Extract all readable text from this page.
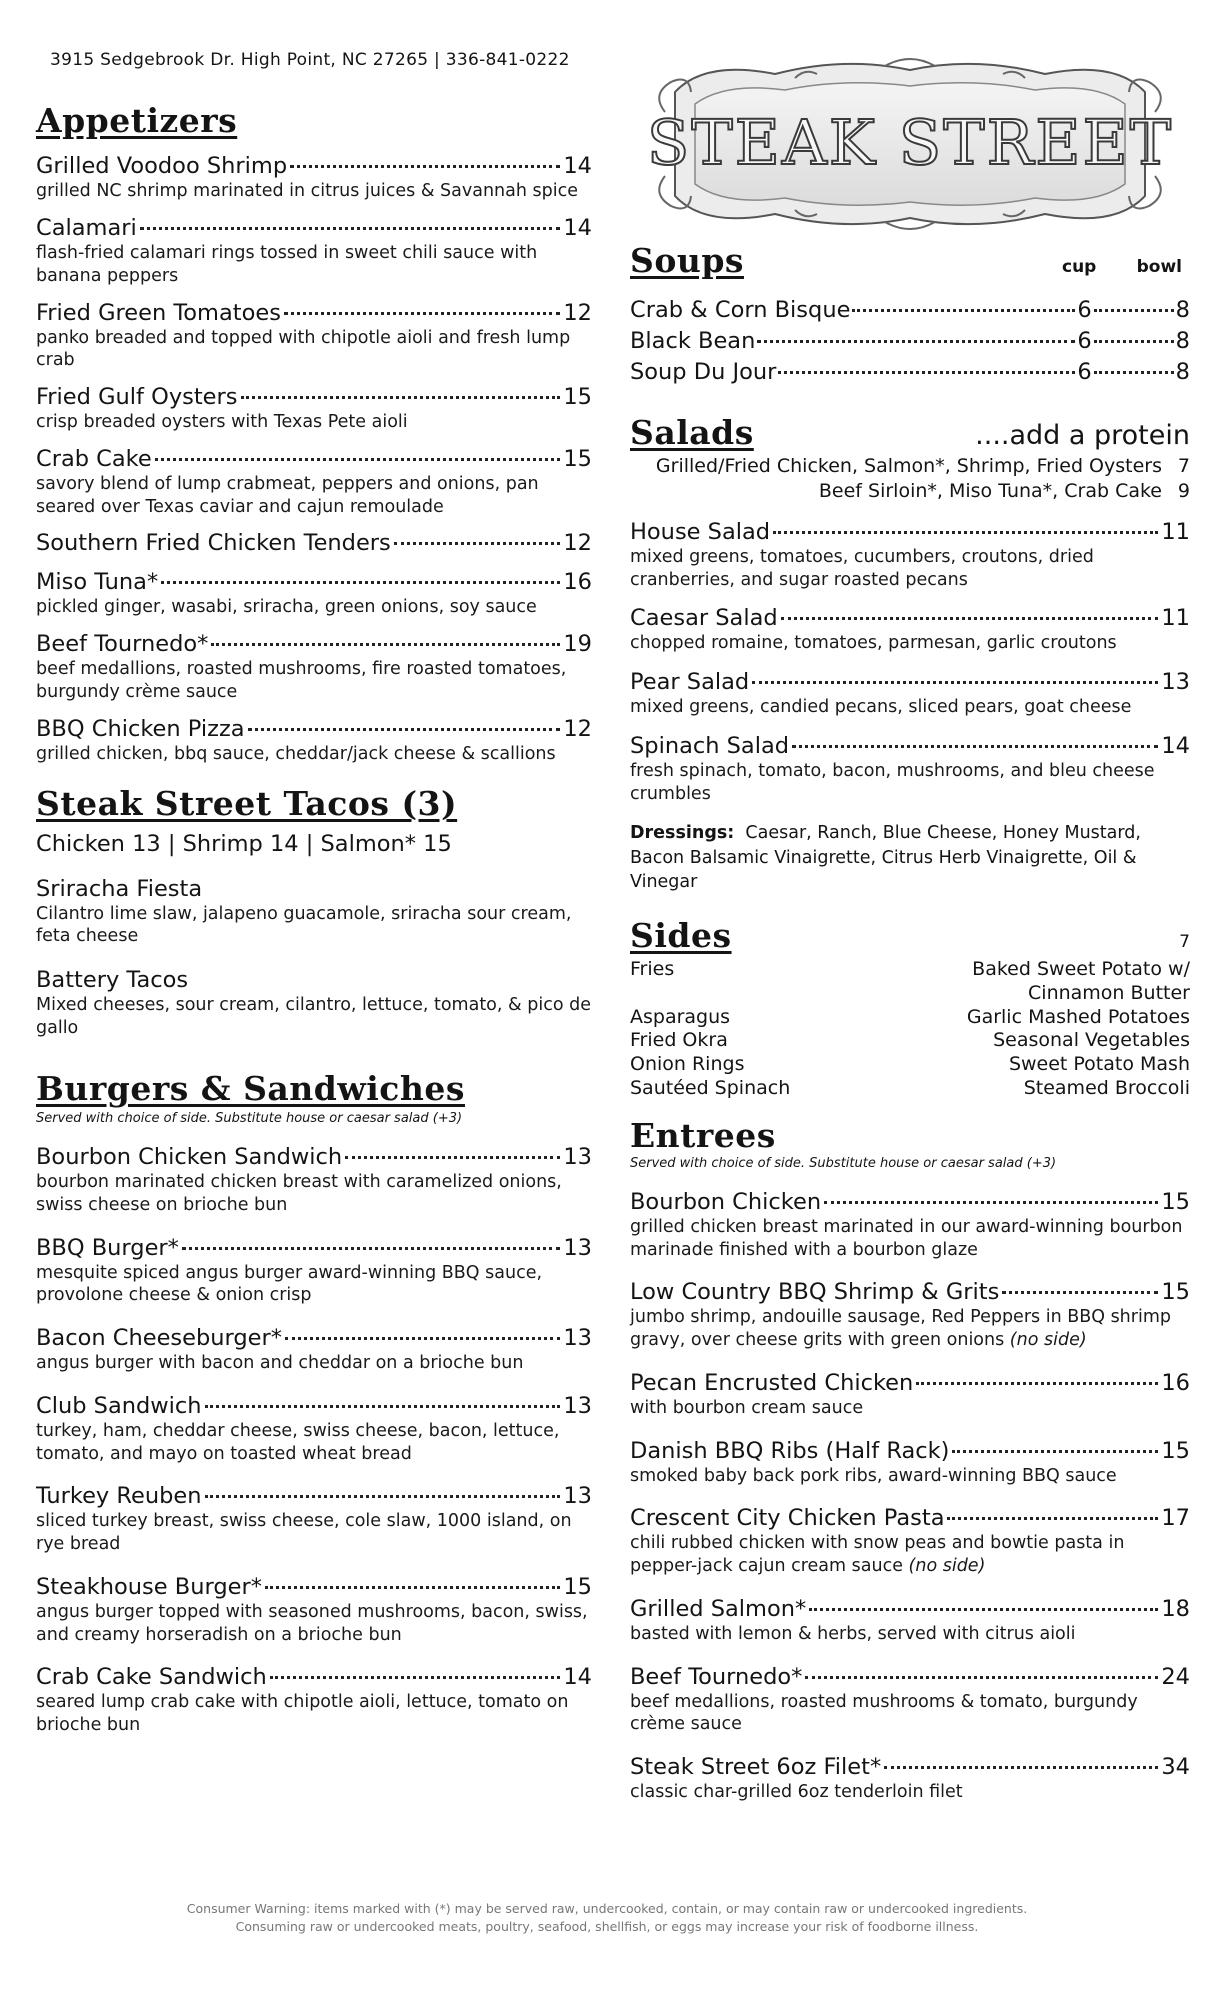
3915 Sedgebrook Dr. High Point, NC 27265 | 336-841-0222
STEAK STREET
Appetizers
Grilled Voodoo Shrimp	14
grilled NC shrimp marinated in citrus juices & Savannah spice
Calamari	14
flash-fried calamari rings tossed in sweet chili sauce with banana peppers
Fried Green Tomatoes	12
panko breaded and topped with chipotle aioli and fresh lump crab
Fried Gulf Oysters	15
crisp breaded oysters with Texas Pete aioli
Crab Cake	15
savory blend of lump crabmeat, peppers and onions, pan seared over Texas caviar and cajun remoulade
Southern Fried Chicken Tenders	12
Miso Tuna*	16
pickled ginger, wasabi, sriracha, green onions, soy sauce
Beef Tournedo*	19
beef medallions, roasted mushrooms, fire roasted tomatoes, burgundy crème sauce
BBQ Chicken Pizza	12
grilled chicken, bbq sauce, cheddar/jack cheese & scallions
Steak Street Tacos (3)
Chicken 13 | Shrimp 14 | Salmon* 15
Sriracha Fiesta
Cilantro lime slaw, jalapeno guacamole, sriracha sour cream, feta cheese
Battery Tacos
Mixed cheeses, sour cream, cilantro, lettuce, tomato, & pico de gallo
Burgers & Sandwiches
Served with choice of side. Substitute house or caesar salad (+3)
Bourbon Chicken Sandwich	13
bourbon marinated chicken breast with caramelized onions, swiss cheese on brioche bun
BBQ Burger*	13
mesquite spiced angus burger award-winning BBQ sauce, provolone cheese & onion crisp
Bacon Cheeseburger*	13
angus burger with bacon and cheddar on a brioche bun
Club Sandwich	13
turkey, ham, cheddar cheese, swiss cheese, bacon, lettuce, tomato, and mayo on toasted wheat bread
Turkey Reuben	13
sliced turkey breast, swiss cheese, cole slaw, 1000 island, on rye bread
Steakhouse Burger*	15
angus burger topped with seasoned mushrooms, bacon, swiss, and creamy horseradish on a brioche bun
Crab Cake Sandwich	14
seared lump crab cake with chipotle aioli, lettuce, tomato on brioche bun
Soups	cup	bowl
Crab & Corn Bisque	6	8
Black Bean	6	8
Soup Du Jour	6	8
Salads	....add a protein
Grilled/Fried Chicken, Salmon*, Shrimp, Fried Oysters 7
Beef Sirloin*, Miso Tuna*, Crab Cake 9
House Salad	11
mixed greens, tomatoes, cucumbers, croutons, dried cranberries, and sugar roasted pecans
Caesar Salad	11
chopped romaine, tomatoes, parmesan, garlic croutons
Pear Salad	13
mixed greens, candied pecans, sliced pears, goat cheese
Spinach Salad	14
fresh spinach, tomato, bacon, mushrooms, and bleu cheese crumbles
Dressings: Caesar, Ranch, Blue Cheese, Honey Mustard, Bacon Balsamic Vinaigrette, Citrus Herb Vinaigrette, Oil & Vinegar
Sides	7
Fries	Baked Sweet Potato w/ Cinnamon Butter
Asparagus	Garlic Mashed Potatoes
Fried Okra	Seasonal Vegetables
Onion Rings	Sweet Potato Mash
Sautéed Spinach	Steamed Broccoli
Entrees
Served with choice of side. Substitute house or caesar salad (+3)
Bourbon Chicken	15
grilled chicken breast marinated in our award-winning bourbon marinade finished with a bourbon glaze
Low Country BBQ Shrimp & Grits	15
jumbo shrimp, andouille sausage, Red Peppers in BBQ shrimp gravy, over cheese grits with green onions (no side)
Pecan Encrusted Chicken	16
with bourbon cream sauce
Danish BBQ Ribs (Half Rack)	15
smoked baby back pork ribs, award-winning BBQ sauce
Crescent City Chicken Pasta	17
chili rubbed chicken with snow peas and bowtie pasta in pepper-jack cajun cream sauce (no side)
Grilled Salmon*	18
basted with lemon & herbs, served with citrus aioli
Beef Tournedo*	24
beef medallions, roasted mushrooms & tomato, burgundy crème sauce
Steak Street 6oz Filet*	34
classic char-grilled 6oz tenderloin filet
Consumer Warning: items marked with (*) may be served raw, undercooked, contain, or may contain raw or undercooked ingredients.
Consuming raw or undercooked meats, poultry, seafood, shellfish, or eggs may increase your risk of foodborne illness.
